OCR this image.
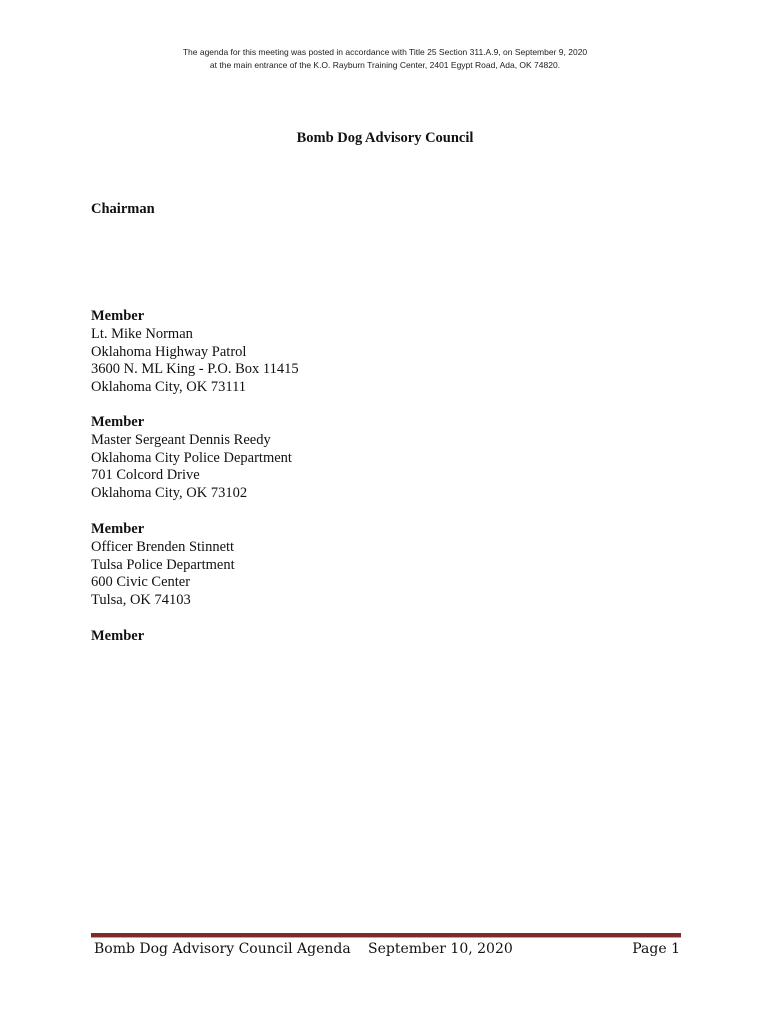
The agenda for this meeting was posted in accordance with Title 25 Section 311.A.9, on September 9, 2020
at the main entrance of the K.O. Rayburn Training Center, 2401 Egypt Road, Ada, OK 74820.
Bomb Dog Advisory Council
Chairman
Member
Lt. Mike Norman
Oklahoma Highway Patrol
3600 N. ML King - P.O. Box 11415
Oklahoma City, OK 73111
Member
Master Sergeant Dennis Reedy
Oklahoma City Police Department
701 Colcord Drive
Oklahoma City, OK 73102
Member
Officer Brenden Stinnett
Tulsa Police Department
600 Civic Center
Tulsa, OK 74103
Member
Bomb Dog Advisory Council Agenda September 10, 2020	Page 1
